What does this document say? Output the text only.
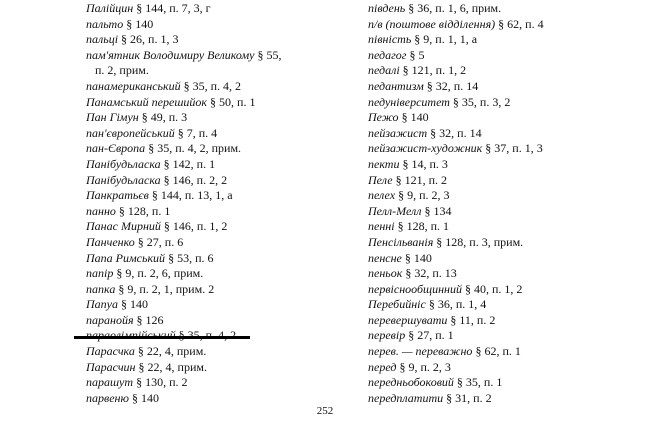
Палійцин § 144, п. 7, 3, г
пальто § 140
пальці § 26, п. 1, 3
пам'ятник Володимиру Великому § 55,
п. 2, прим.
панамериканський § 35, п. 4, 2
Панамський перешийок § 50, п. 1
Пан Гімун § 49, п. 3
пан'європейський § 7, п. 4
пан-Європа § 35, п. 4, 2, прим.
Панібудьласка § 142, п. 1
Панібудьласка § 146, п. 2, 2
Панкратьєв § 144, п. 13, 1, а
панно § 128, п. 1
Панас Мирний § 146, п. 1, 2
Панченко § 27, п. 6
Папа Римський § 53, п. 6
папір § 9, п. 2, 6, прим.
папка § 9, п. 2, 1, прим. 2
Папуа § 140
паранойя § 126
Парасчка § 22, 4, прим.
Парасчин § 22, 4, прим.
парашут § 130, п. 2
парвеню § 140
південь § 36, п. 1, 6, прим.
п/в (поштове відділення) § 62, п. 4
півність § 9, п. 1, 1, а
педагог § 5
педалі § 121, п. 1, 2
педантизм § 32, п. 14
педуніверситет § 35, п. 3, 2
Пежо § 140
пейзажист § 32, п. 14
пейзажист-художник § 37, п. 1, 3
пекти § 14, п. 3
Пеле § 121, п. 2
пелех § 9, п. 2, 3
Пелл-Мелл § 134
пенні § 128, п. 1
Пенсільванія § 128, п. 3, прим.
пенсне § 140
пеньок § 32, п. 13
первіснообщинний § 40, п. 1, 2
Перебийніс § 36, п. 1, 4
перевершувати § 11, п. 2
перевір § 27, п. 1
перев. — переважно § 62, п. 1
перед § 9, п. 2, 3
передньобоковий § 35, п. 1
передплатити § 31, п. 2
252
